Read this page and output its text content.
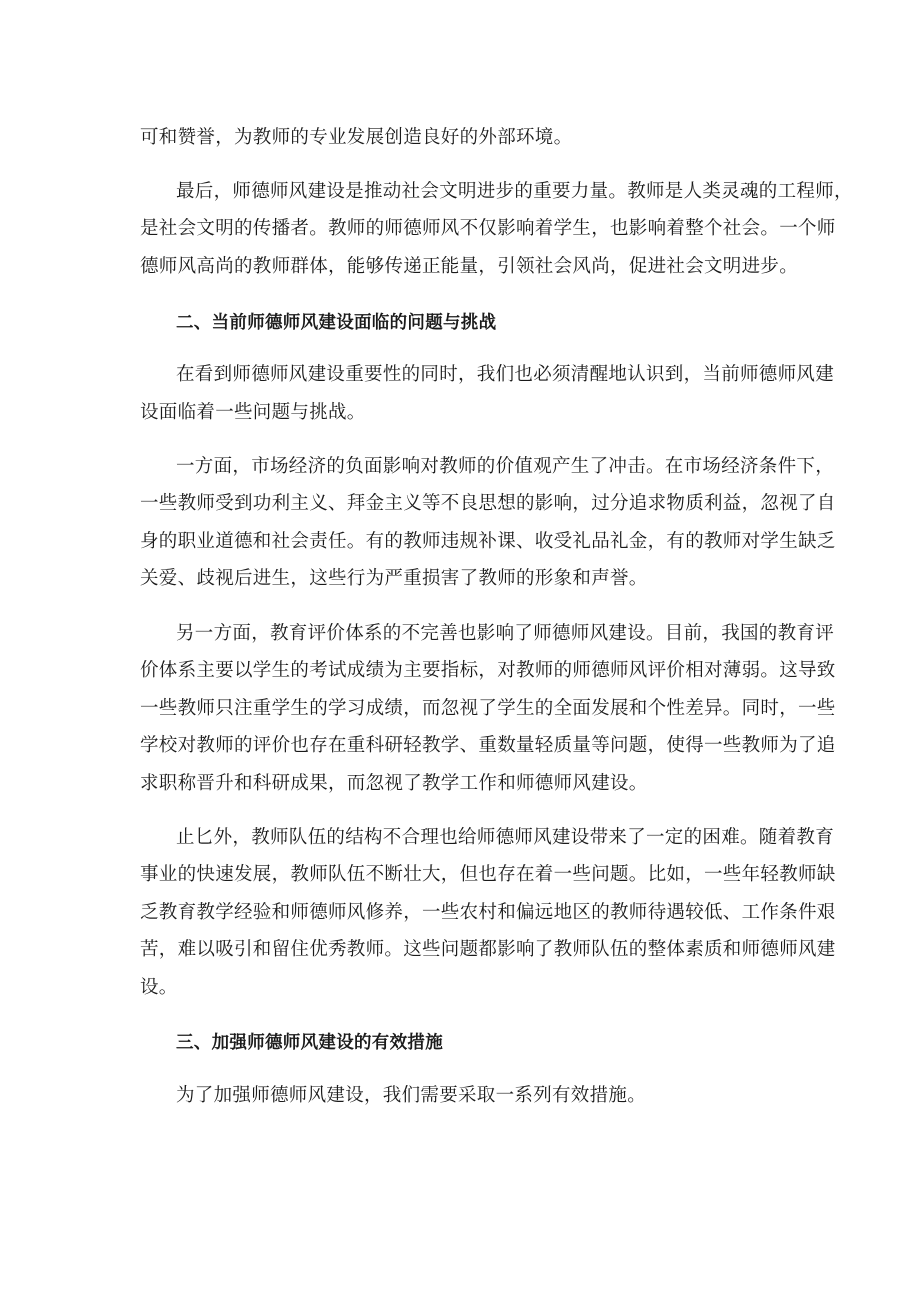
可和赞誉，为教师的专业发展创造良好的外部环境。

最后，师德师风建设是推动社会文明进步的重要力量。教师是人类灵魂的工程师，

是社会文明的传播者。教师的师德师风不仅影响着学生，也影响着整个社会。一个师

德师风高尚的教师群体，能够传递正能量，引领社会风尚，促进社会文明进步。

二、当前师德师风建设面临的问题与挑战

在看到师德师风建设重要性的同时，我们也必须清醒地认识到，当前师德师风建

设面临着一些问题与挑战。

一方面，市场经济的负面影响对教师的价值观产生了冲击。在市场经济条件下，

一些教师受到功利主义、拜金主义等不良思想的影响，过分追求物质利益，忽视了自

身的职业道德和社会责任。有的教师违规补课、收受礼品礼金，有的教师对学生缺乏

关爱、歧视后进生，这些行为严重损害了教师的形象和声誉。

另一方面，教育评价体系的不完善也影响了师德师风建设。目前，我国的教育评

价体系主要以学生的考试成绩为主要指标，对教师的师德师风评价相对薄弱。这导致

一些教师只注重学生的学习成绩，而忽视了学生的全面发展和个性差异。同时，一些

学校对教师的评价也存在重科研轻教学、重数量轻质量等问题，使得一些教师为了追

求职称晋升和科研成果，而忽视了教学工作和师德师风建设。

止匕外，教师队伍的结构不合理也给师德师风建设带来了一定的困难。随着教育

事业的快速发展，教师队伍不断壮大，但也存在着一些问题。比如，一些年轻教师缺

乏教育教学经验和师德师风修养，一些农村和偏远地区的教师待遇较低、工作条件艰

苦，难以吸引和留住优秀教师。这些问题都影响了教师队伍的整体素质和师德师风建

设。

三、加强师德师风建设的有效措施

为了加强师德师风建设，我们需要采取一系列有效措施。
